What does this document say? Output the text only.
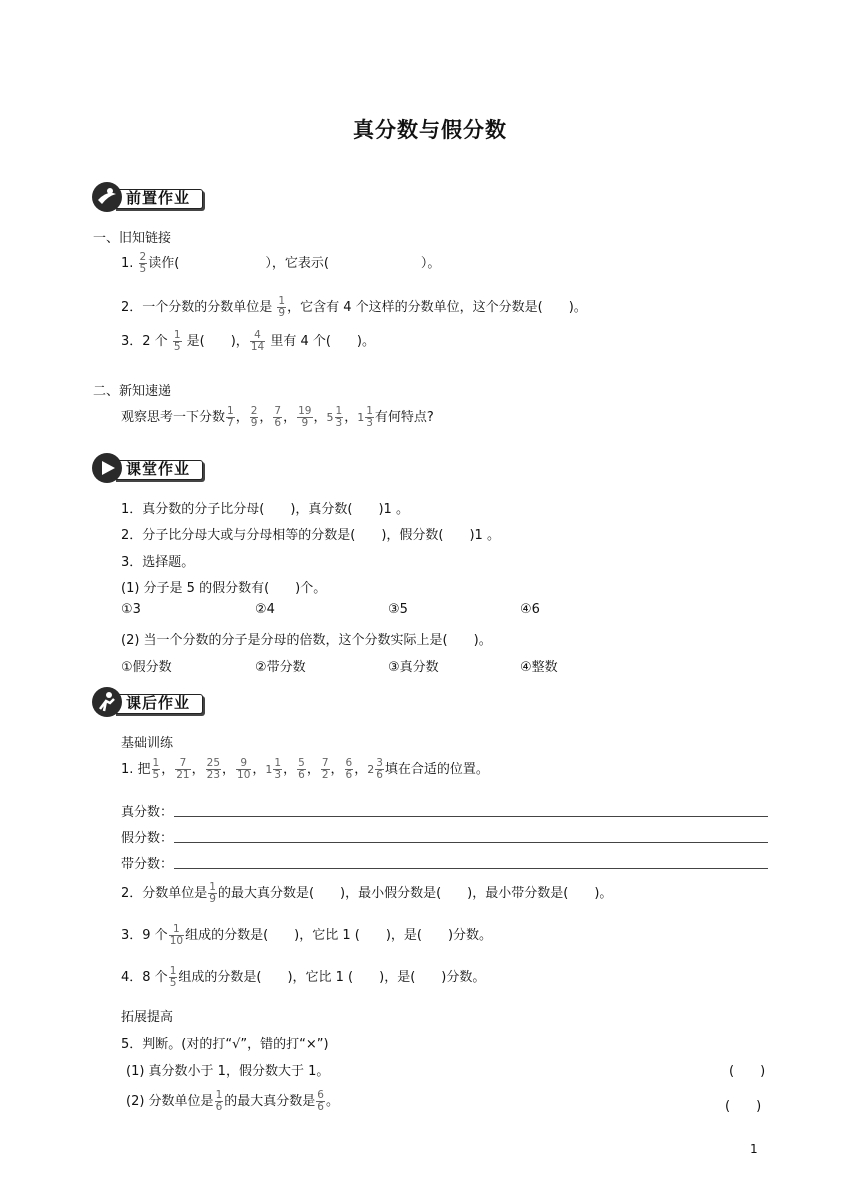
真分数与假分数
前置作业
一、旧知链接
1. $\frac{2}{5}$ 读作(	），它表示(	）。
2．一个分数的分数单位是 $\frac{1}{9}$ ，它含有 4 个这样的分数单位，这个分数是(　　)。
3．2 个 $\frac{1}{5}$ 是(　　)， $\frac{4}{14}$ 里有 4 个(　　)。
二、新知速递
观察思考一下分数 $\frac{1}{7}$ ， $\frac{2}{9}$ ， $\frac{7}{6}$ ， $\frac{19}{9}$ ，$5 \frac{1}{3}$ ，$1 \frac{1}{3}$ 有何特点?
课堂作业
1．真分数的分子比分母(　　)，真分数(　　)1 。
2．分子比分母大或与分母相等的分数是(　　)，假分数(　　)1 。
3．选择题。
(1) 分子是 5 的假分数有(　　)个。
①3	②4	③5	④6
(2) 当一个分数的分子是分母的倍数，这个分数实际上是(　　)。
①假分数	②带分数	③真分数	④整数
课后作业
基础训练
1. 把 $\frac{1}{5}$ ， $\frac{7}{21}$ ， $\frac{25}{23}$ ， $\frac{9}{10}$ ，$1 \frac{1}{3}$ ， $\frac{5}{6}$ ， $\frac{7}{2}$ ， $\frac{6}{6}$ ，$2 \frac{3}{6}$ 填在合适的位置。
真分数：
假分数：
带分数：
2．分数单位是 $\frac{1}{9}$ 的最大真分数是(　　)，最小假分数是(　　)，最小带分数是(　　)。
3．9 个 $\frac{1}{10}$ 组成的分数是(　　)，它比 1 (　　)，是(　　)分数。
4．8 个 $\frac{1}{5}$ 组成的分数是(　　)，它比 1 (　　)，是(　　)分数。
拓展提高
5．判断。(对的打“√”，错的打“×”)
(1) 真分数小于 1，假分数大于 1。	(　　)
(2) 分数单位是 $\frac{1}{6}$ 的最大真分数是 $\frac{6}{6}$ 。	(　　)
1
